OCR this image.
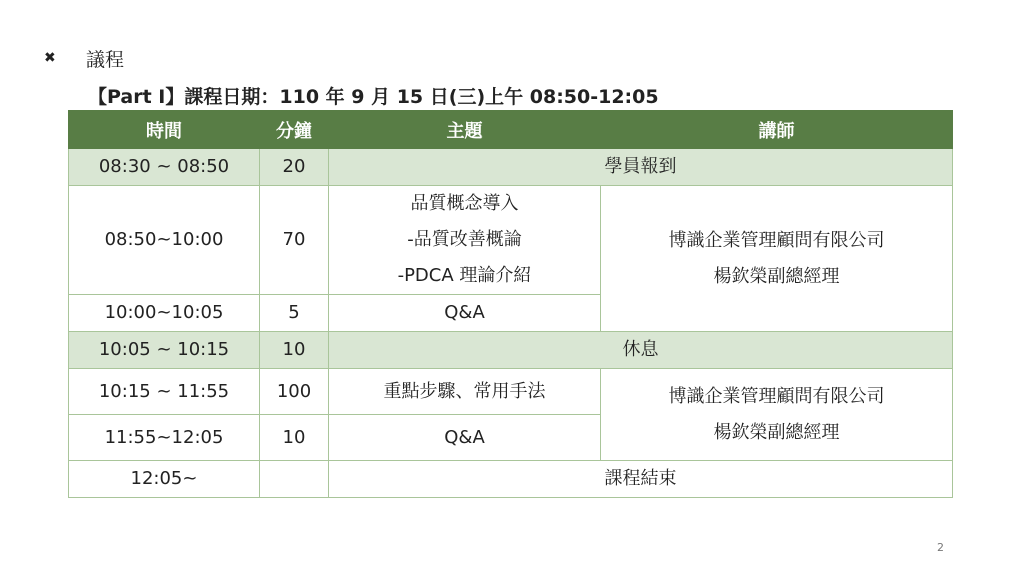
✖ 議程
【Part I】課程日期：110 年 9 月 15 日(三)上午 08:50-12:05
時間	分鐘	主題	講師
08:30 ~ 08:50	20	學員報到	
08:50~10:00	70	品質概念導入
-品質改善概論
-PDCA 理論介紹	博識企業管理顧問有限公司
楊欽榮副總經理

10:00~10:05	5	Q&A	
10:05 ~ 10:15	10	休息	
10:15 ~ 11:55	100	重點步驟、常用手法	博識企業管理顧問有限公司
楊欽榮副總經理

11:55~12:05	10	Q&A	
12:05~		課程結束	
2
